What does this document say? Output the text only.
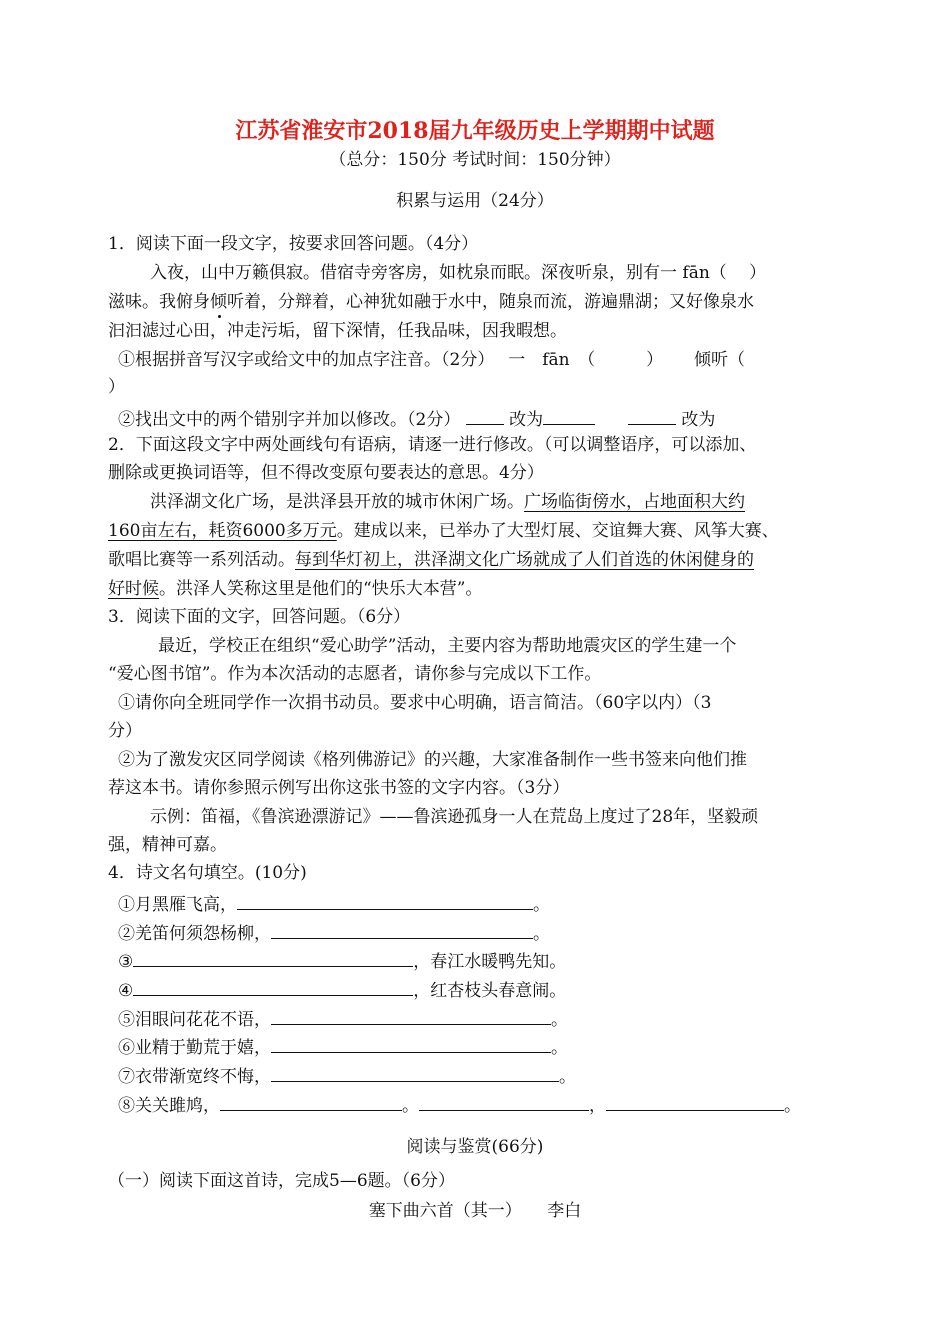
江苏省淮安市2018届九年级历史上学期期中试题
（总分：150分 考试时间：150分钟）
积累与运用（24分）
1．阅读下面一段文字，按要求回答问题。（4分）
入夜，山中万籁俱寂。借宿寺旁客房，如枕泉而眠。深夜听泉，别有一 fān（　 ）
滋味。我俯身倾听着，分辩着，心神犹如融于水中，随泉而流，游遍鼎湖；又好像泉水
汩汩滤过心田，冲走污垢，留下深情，任我品味，因我暇想。
①根据拼音写汉字或给文中的加点字注音。（2分）　 一　fān　（　　　）　　 倾听（
）
②找出文中的两个错别字并加以修改。（2分）	改为	改为
2．下面这段文字中两处画线句有语病，请逐一进行修改。（可以调整语序，可以添加、
删除或更换词语等，但不得改变原句要表达的意思。4分）
洪泽湖文化广场，是洪泽县开放的城市休闲广场。广场临街傍水，占地面积大约
160亩左右，耗资6000多万元。建成以来，已举办了大型灯展、交谊舞大赛、风筝大赛、
歌唱比赛等一系列活动。每到华灯初上，洪泽湖文化广场就成了人们首选的休闲健身的
好时候。洪泽人笑称这里是他们的“快乐大本营”。
3．阅读下面的文字，回答问题。（6分）
最近，学校正在组织“爱心助学”活动，主要内容为帮助地震灾区的学生建一个
“爱心图书馆”。作为本次活动的志愿者，请你参与完成以下工作。
①请你向全班同学作一次捐书动员。要求中心明确，语言简洁。（60字以内）（3
分）
②为了激发灾区同学阅读《格列佛游记》的兴趣，大家准备制作一些书签来向他们推
荐这本书。请你参照示例写出你这张书签的文字内容。（3分）
示例：笛福，《鲁滨逊漂游记》——鲁滨逊孤身一人在荒岛上度过了28年，坚毅顽
强，精神可嘉。
4．诗文名句填空。(10分)
①月黑雁飞高，	。
②羌笛何须怨杨柳，	。
③	，春江水暖鸭先知。
④	，红杏枝头春意闹。
⑤泪眼问花花不语，	。
⑥业精于勤荒于嬉，	。
⑦衣带渐宽终不悔，	。
⑧关关雎鸠，	。	，	。
阅读与鉴赏(66分)
（一）阅读下面这首诗，完成5—6题。（6分）
塞下曲六首（其一）　　李白
